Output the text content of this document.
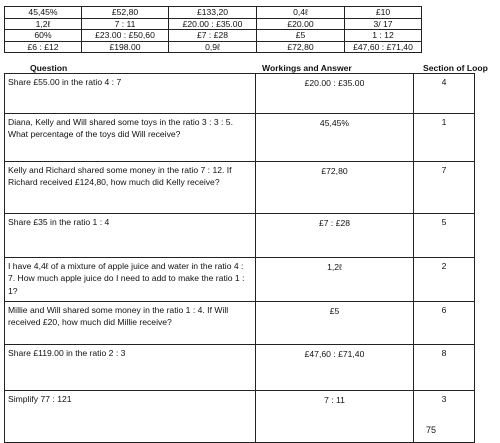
45,45%	£52,80	£133,20	0,4ℓ	£10
1,2ℓ	7 : 11	£20.00 : £35.00	£20.00	3/ 17
60%	£23.00 : £50,60	£7 : £28	£5	1 : 12
£6 : £12	£198.00	0,9ℓ	£72,80	£47,60 : £71,40
Question	Workings and Answer	Section of Loop
Share £55.00 in the ratio 4 : 7	£20.00 : £35.00	4
Diana, Kelly and Will shared some toys in the ratio 3 : 3 : 5. What percentage of the toys did Will receive?	45,45%	1
Kelly and Richard shared some money in the ratio 7 : 12. If Richard received £124,80, how much did Kelly receive?	£72,80	7
Share £35 in the ratio 1 : 4	£7 : £28	5
I have 4,4ℓ of a mixture of apple juice and water in the ratio 4 : 7. How much apple juice do I need to add to make the ratio 1 : 1?	1,2ℓ	2
Millie and Will shared some money in the ratio 1 : 4. If Will received £20, how much did Millie receive?	£5	6
Share £119.00 in the ratio 2 : 3	£47,60 : £71,40	8
Simplify 77 : 121	7 : 11	3
75
